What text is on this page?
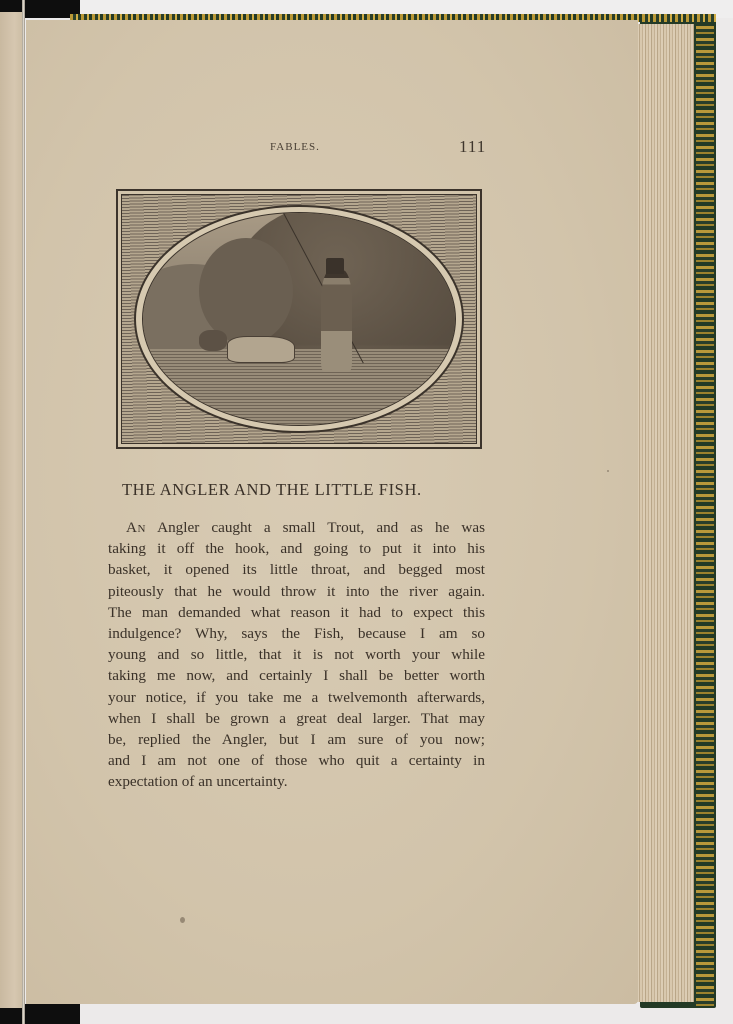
FABLES.	111
THE ANGLER AND THE LITTLE FISH.
An Angler caught a small Trout, and as he was
taking it off the hook, and going to put it into his
basket, it opened its little throat, and begged most
piteously that he would throw it into the river again.
The man demanded what reason it had to expect this
indulgence? Why, says the Fish, because I am so
young and so little, that it is not worth your while
taking me now, and certainly I shall be better worth
your notice, if you take me a twelvemonth afterwards,
when I shall be grown a great deal larger. That may
be, replied the Angler, but I am sure of you now;
and I am not one of those who quit a certainty in
expectation of an uncertainty.
